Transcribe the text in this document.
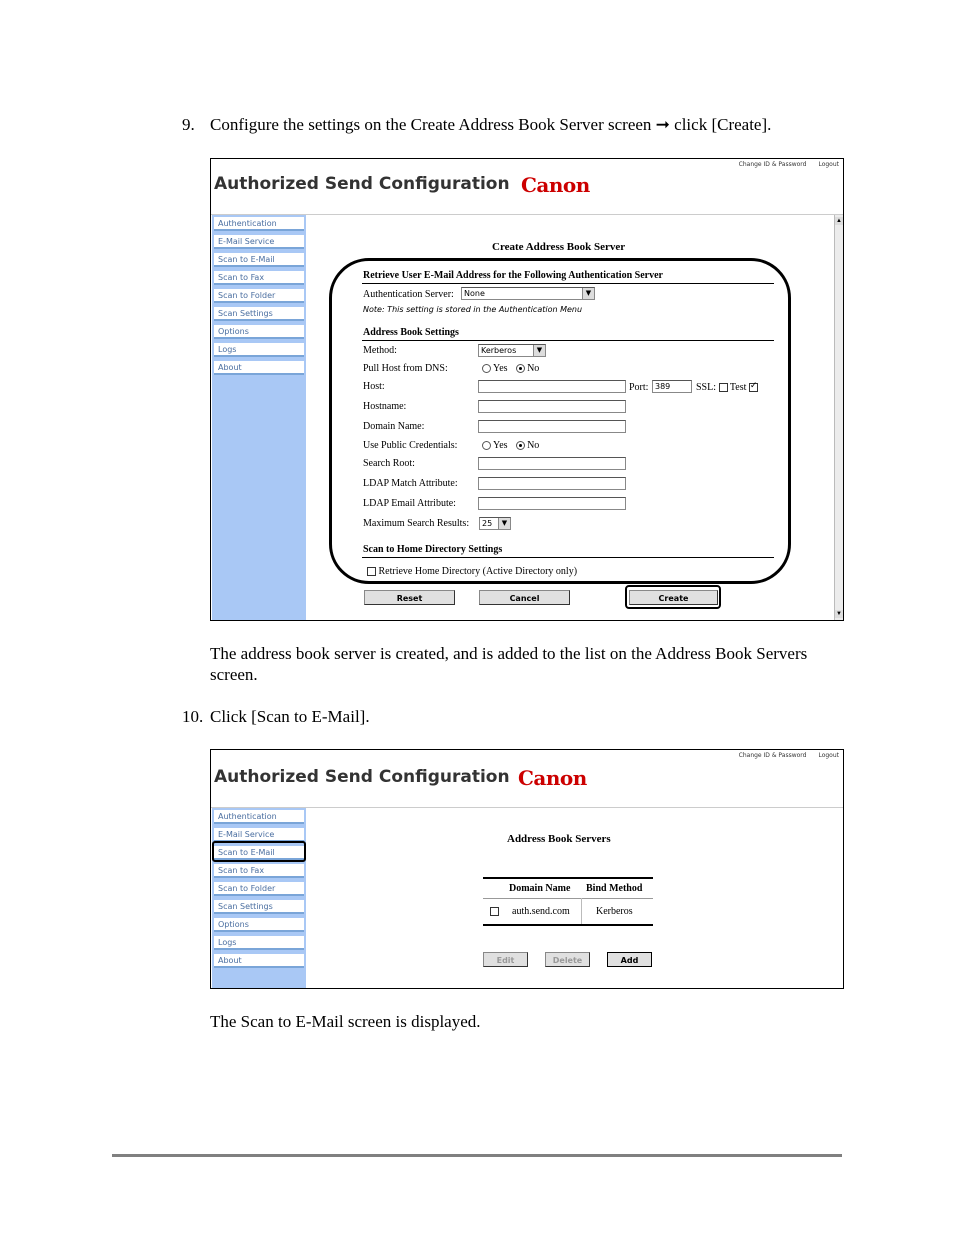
9. Configure the settings on the Create Address Book Server screen ➞ click [Create].
Change ID & Password Logout
Authorized Send Configuration Canon
Authentication
E-Mail Service
Scan to E-Mail
Scan to Fax
Scan to Folder
Scan Settings
Options
Logs
About
▲
▼
Create Address Book Server
Retrieve User E-Mail Address for the Following Authentication Server
Authentication Server:	None	▼
Note: This setting is stored in the Authentication Menu
Address Book Settings
Method:	Kerberos	▼
Pull Host from DNS:	Yes No
Host:	Port: 389	SSL: Test ✓
Hostname:
Domain Name:
Use Public Credentials:	Yes No
Search Root:
LDAP Match Attribute:
LDAP Email Attribute:
Maximum Search Results:	25	▼
Scan to Home Directory Settings
Retrieve Home Directory (Active Directory only)
Reset	Cancel	Create
The address book server is created, and is added to the list on the Address Book Servers screen.
10. Click [Scan to E-Mail].
Change ID & Password Logout
Authorized Send Configuration Canon
Authentication
E-Mail Service
Scan to E-Mail
Scan to Fax
Scan to Folder
Scan Settings
Options
Logs
About
Address Book Servers
Domain Name Bind Method
auth.send.com	Kerberos
Edit	Delete	Add
The Scan to E-Mail screen is displayed.
